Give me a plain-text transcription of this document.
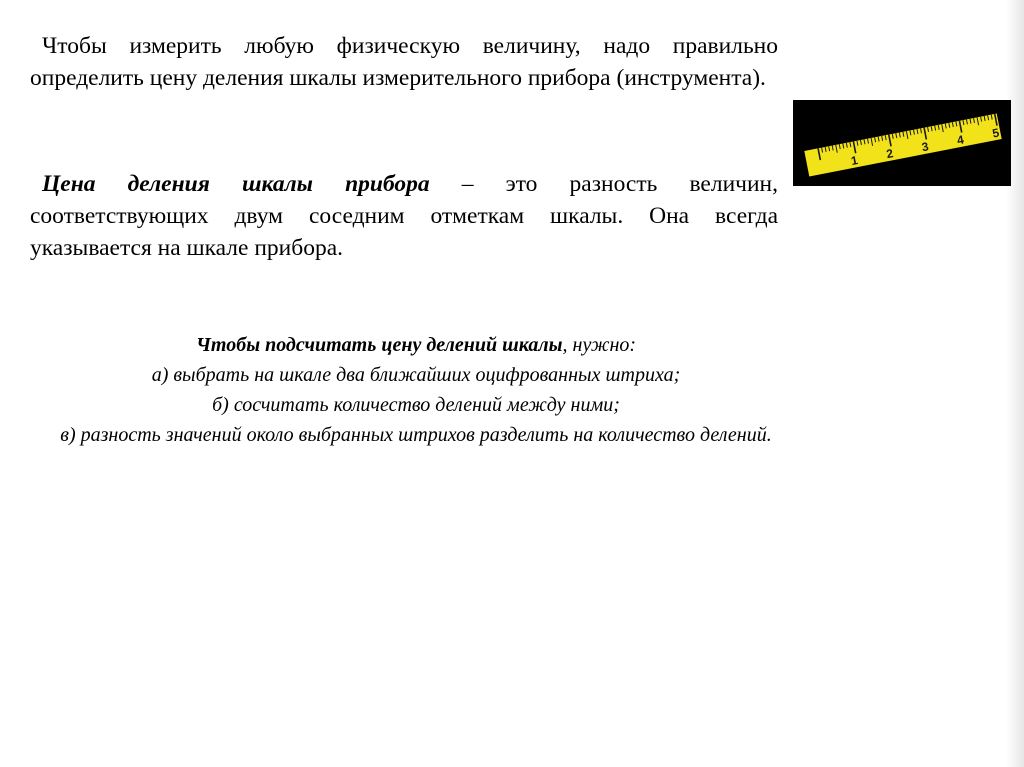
Чтобы измерить любую физическую величину, надо правильно определить цену деления шкалы измерительного прибора (инструмента).

Цена деления шкалы прибора – это разность величин, соответствующих двум соседним отметкам шкалы. Она всегда указывается на шкале прибора.

Чтобы подсчитать цену делений шкалы, нужно:
а) выбрать на шкале два ближайших оцифрованных штриха;
б) сосчитать количество делений между ними;
в) разность значений около выбранных штрихов разделить на количество делений.
1 2 3 4 5
